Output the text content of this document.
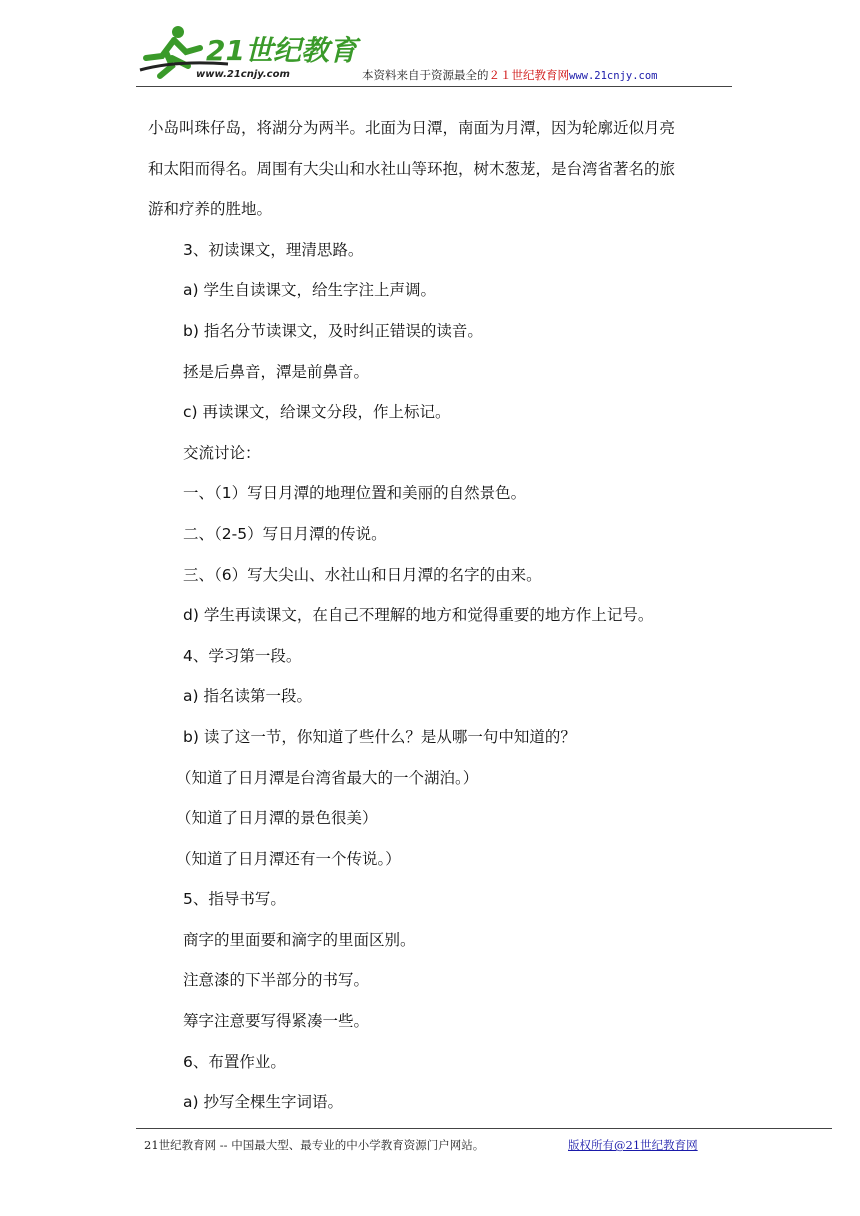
21世纪教育
www.21cnjy.com	本资料来自于资源最全的２１世纪教育网www.21cnjy.com
小岛叫珠仔岛，将湖分为两半。北面为日潭，南面为月潭，因为轮廓近似月亮
和太阳而得名。周围有大尖山和水社山等环抱，树木葱茏，是台湾省著名的旅
游和疗养的胜地。
3、初读课文，理清思路。
a) 学生自读课文，给生字注上声调。
b) 指名分节读课文，及时纠正错误的读音。
拯是后鼻音，潭是前鼻音。
c) 再读课文，给课文分段，作上标记。
交流讨论：
一、（1）写日月潭的地理位置和美丽的自然景色。
二、（2-5）写日月潭的传说。
三、（6）写大尖山、水社山和日月潭的名字的由来。
d) 学生再读课文，在自己不理解的地方和觉得重要的地方作上记号。
4、学习第一段。
a) 指名读第一段。
b) 读了这一节，你知道了些什么？是从哪一句中知道的？
（知道了日月潭是台湾省最大的一个湖泊。）
（知道了日月潭的景色很美）
（知道了日月潭还有一个传说。）
5、指导书写。
商字的里面要和滴字的里面区别。
注意漆的下半部分的书写。
筹字注意要写得紧凑一些。
6、布置作业。
a) 抄写全棵生字词语。
21世纪教育网 -- 中国最大型、最专业的中小学教育资源门户网站。	版权所有@21世纪教育网
